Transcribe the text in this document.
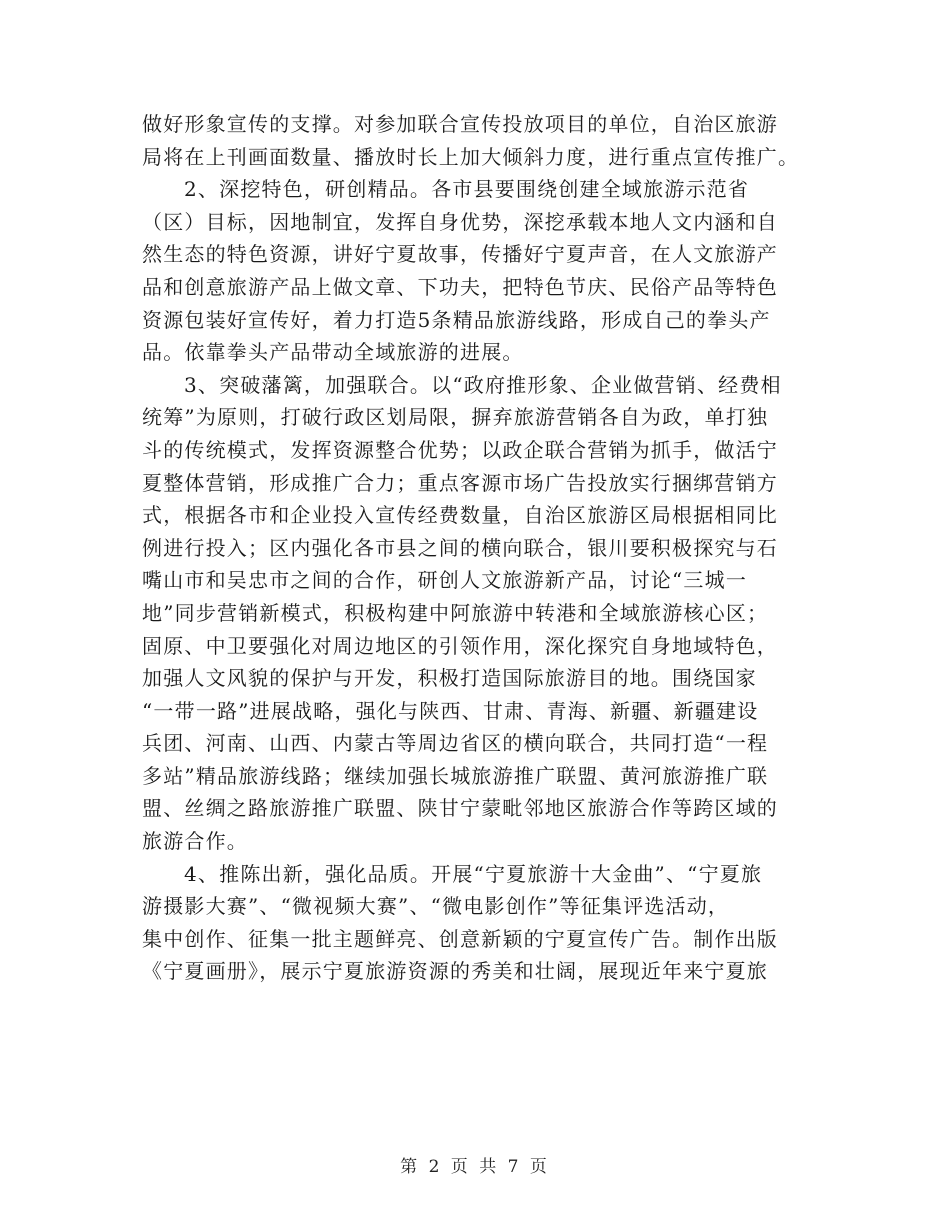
做好形象宣传的支撑。对参加联合宣传投放项目的单位，自治区旅游
局将在上刊画面数量、播放时长上加大倾斜力度，进行重点宣传推广。
2、深挖特色，研创精品。各市县要围绕创建全域旅游示范省
（区）目标，因地制宜，发挥自身优势，深挖承载本地人文内涵和自
然生态的特色资源，讲好宁夏故事，传播好宁夏声音，在人文旅游产
品和创意旅游产品上做文章、下功夫，把特色节庆、民俗产品等特色
资源包装好宣传好，着力打造5条精品旅游线路，形成自己的拳头产
品。依靠拳头产品带动全域旅游的进展。
3、突破藩篱，加强联合。以“政府推形象、企业做营销、经费相
统筹”为原则，打破行政区划局限，摒弃旅游营销各自为政，单打独
斗的传统模式，发挥资源整合优势；以政企联合营销为抓手，做活宁
夏整体营销，形成推广合力；重点客源市场广告投放实行捆绑营销方
式，根据各市和企业投入宣传经费数量，自治区旅游区局根据相同比
例进行投入；区内强化各市县之间的横向联合，银川要积极探究与石
嘴山市和吴忠市之间的合作，研创人文旅游新产品，讨论“三城一
地”同步营销新模式，积极构建中阿旅游中转港和全域旅游核心区；
固原、中卫要强化对周边地区的引领作用，深化探究自身地域特色，
加强人文风貌的保护与开发，积极打造国际旅游目的地。围绕国家
“一带一路”进展战略，强化与陕西、甘肃、青海、新疆、新疆建设
兵团、河南、山西、内蒙古等周边省区的横向联合，共同打造“一程
多站”精品旅游线路；继续加强长城旅游推广联盟、黄河旅游推广联
盟、丝绸之路旅游推广联盟、陕甘宁蒙毗邻地区旅游合作等跨区域的
旅游合作。
4、推陈出新，强化品质。开展“宁夏旅游十大金曲”、“宁夏旅
游摄影大赛”、“微视频大赛”、“微电影创作”等征集评选活动，
集中创作、征集一批主题鲜亮、创意新颖的宁夏宣传广告。制作出版
《宁夏画册》，展示宁夏旅游资源的秀美和壮阔，展现近年来宁夏旅
第 2 页 共 7 页
